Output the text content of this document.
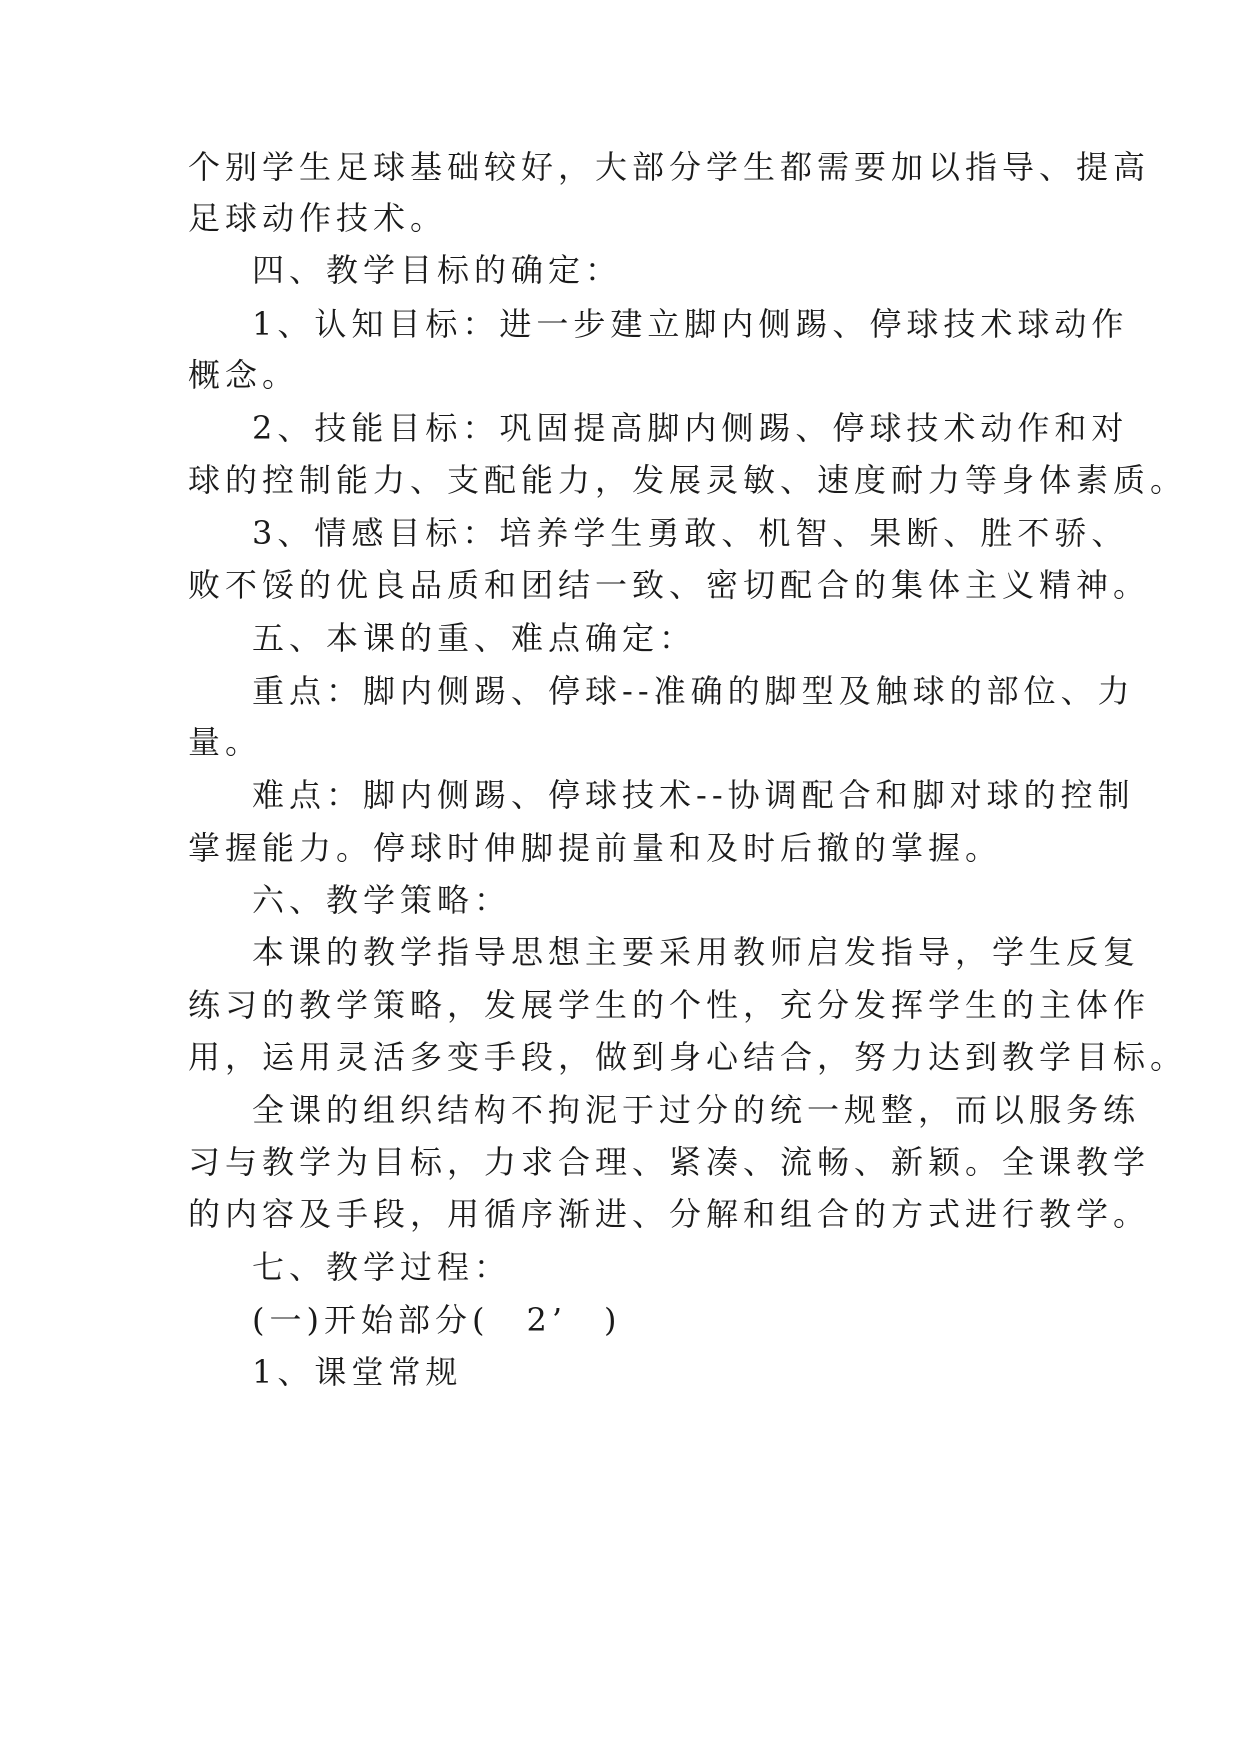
个别学生足球基础较好，大部分学生都需要加以指导、提高
足球动作技术。
四、教学目标的确定：
1、认知目标：进一步建立脚内侧踢、停球技术球动作
概念。
2、技能目标：巩固提高脚内侧踢、停球技术动作和对
球的控制能力、支配能力，发展灵敏、速度耐力等身体素质。
3、情感目标：培养学生勇敢、机智、果断、胜不骄、
败不馁的优良品质和团结一致、密切配合的集体主义精神。
五、本课的重、难点确定：
重点：脚内侧踢、停球--准确的脚型及触球的部位、力
量。
难点：脚内侧踢、停球技术--协调配合和脚对球的控制
掌握能力。停球时伸脚提前量和及时后撤的掌握。
六、教学策略：
本课的教学指导思想主要采用教师启发指导，学生反复
练习的教学策略，发展学生的个性，充分发挥学生的主体作
用，运用灵活多变手段，做到身心结合，努力达到教学目标。
全课的组织结构不拘泥于过分的统一规整，而以服务练
习与教学为目标，力求合理、紧凑、流畅、新颖。全课教学
的内容及手段，用循序渐进、分解和组合的方式进行教学。
七、教学过程：
(一)开始部分(　2’　)
1、课堂常规
